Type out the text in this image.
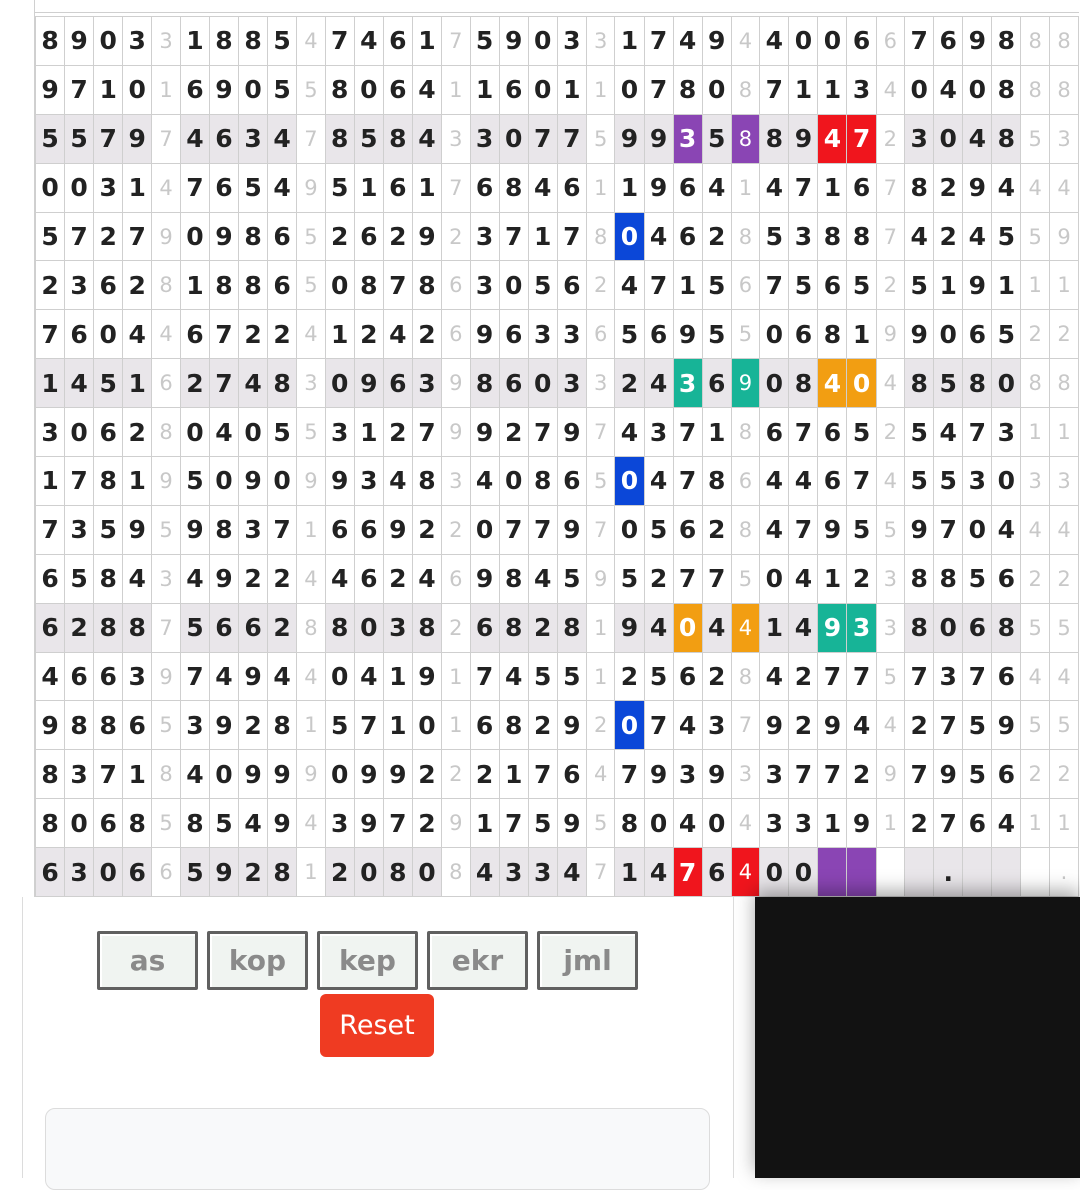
8	9	0	3	3	1	8	8	5	4	7	4	6	1	7	5	9	0	3	3	1	7	4	9	4	4	0	0	6	6	7	6	9	8	8	8
9	7	1	0	1	6	9	0	5	5	8	0	6	4	1	1	6	0	1	1	0	7	8	0	8	7	1	1	3	4	0	4	0	8	8	8
5	5	7	9	7	4	6	3	4	7	8	5	8	4	3	3	0	7	7	5	9	9	3	5	8	8	9	4	7	2	3	0	4	8	5	3
0	0	3	1	4	7	6	5	4	9	5	1	6	1	7	6	8	4	6	1	1	9	6	4	1	4	7	1	6	7	8	2	9	4	4	4
5	7	2	7	9	0	9	8	6	5	2	6	2	9	2	3	7	1	7	8	0	4	6	2	8	5	3	8	8	7	4	2	4	5	5	9
2	3	6	2	8	1	8	8	6	5	0	8	7	8	6	3	0	5	6	2	4	7	1	5	6	7	5	6	5	2	5	1	9	1	1	1
7	6	0	4	4	6	7	2	2	4	1	2	4	2	6	9	6	3	3	6	5	6	9	5	5	0	6	8	1	9	9	0	6	5	2	2
1	4	5	1	6	2	7	4	8	3	0	9	6	3	9	8	6	0	3	3	2	4	3	6	9	0	8	4	0	4	8	5	8	0	8	8
3	0	6	2	8	0	4	0	5	5	3	1	2	7	9	9	2	7	9	7	4	3	7	1	8	6	7	6	5	2	5	4	7	3	1	1
1	7	8	1	9	5	0	9	0	9	9	3	4	8	3	4	0	8	6	5	0	4	7	8	6	4	4	6	7	4	5	5	3	0	3	3
7	3	5	9	5	9	8	3	7	1	6	6	9	2	2	0	7	7	9	7	0	5	6	2	8	4	7	9	5	5	9	7	0	4	4	4
6	5	8	4	3	4	9	2	2	4	4	6	2	4	6	9	8	4	5	9	5	2	7	7	5	0	4	1	2	3	8	8	5	6	2	2
6	2	8	8	7	5	6	6	2	8	8	0	3	8	2	6	8	2	8	1	9	4	0	4	4	1	4	9	3	3	8	0	6	8	5	5
4	6	6	3	9	7	4	9	4	4	0	4	1	9	1	7	4	5	5	1	2	5	6	2	8	4	2	7	7	5	7	3	7	6	4	4
9	8	8	6	5	3	9	2	8	1	5	7	1	0	1	6	8	2	9	2	0	7	4	3	7	9	2	9	4	4	2	7	5	9	5	5
8	3	7	1	8	4	0	9	9	9	0	9	9	2	2	2	1	7	6	4	7	9	3	9	3	3	7	7	2	9	7	9	5	6	2	2
8	0	6	8	5	8	5	4	9	4	3	9	7	2	9	1	7	5	9	5	8	0	4	0	4	3	3	1	9	1	2	7	6	4	1	1
6	3	0	6	6	5	9	2	8	1	2	0	8	0	8	4	3	3	4	7	1	4	7	6	4	0	0					.				.
as	kop	kep	ekr	jml
Reset
